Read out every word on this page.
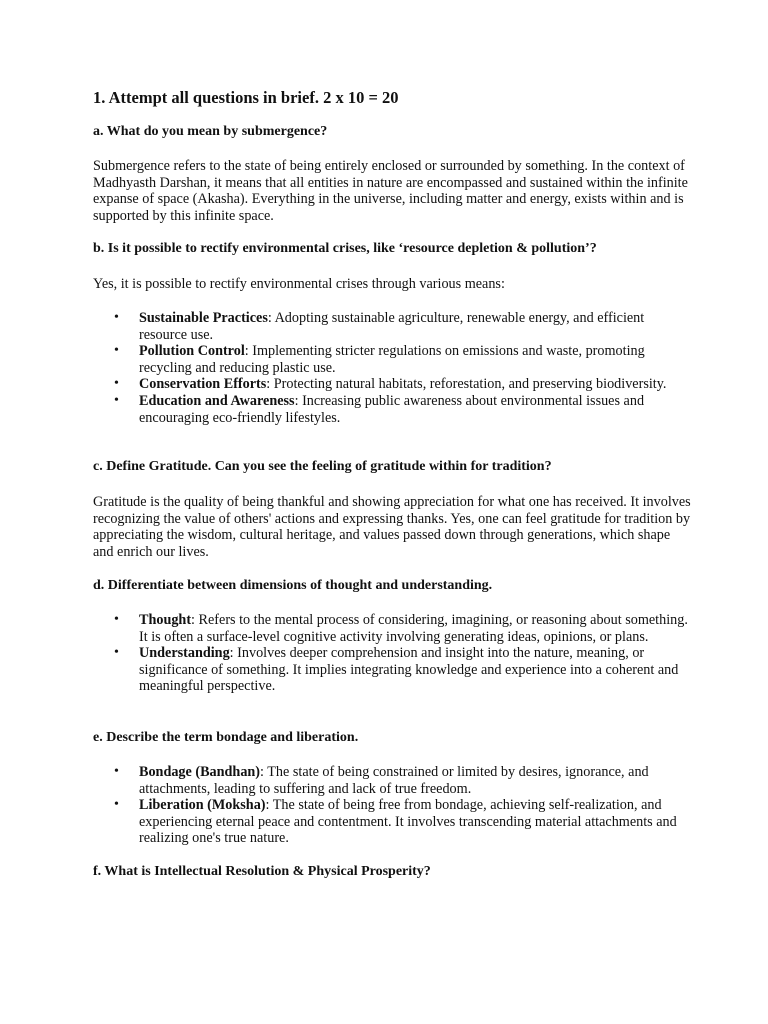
1. Attempt all questions in brief. 2 x 10 = 20
a. What do you mean by submergence?

Submergence refers to the state of being entirely enclosed or surrounded by something. In the context of Madhyasth Darshan, it means that all entities in nature are encompassed and sustained within the infinite expanse of space (Akasha). Everything in the universe, including matter and energy, exists within and is supported by this infinite space.

b. Is it possible to rectify environmental crises, like ‘resource depletion & pollution’?

Yes, it is possible to rectify environmental crises through various means:

• Sustainable Practices: Adopting sustainable agriculture, renewable energy, and efficient resource use.
• Pollution Control: Implementing stricter regulations on emissions and waste, promoting recycling and reducing plastic use.
• Conservation Efforts: Protecting natural habitats, reforestation, and preserving biodiversity.
• Education and Awareness: Increasing public awareness about environmental issues and encouraging eco-friendly lifestyles.
c. Define Gratitude. Can you see the feeling of gratitude within for tradition?

Gratitude is the quality of being thankful and showing appreciation for what one has received. It involves recognizing the value of others' actions and expressing thanks. Yes, one can feel gratitude for tradition by appreciating the wisdom, cultural heritage, and values passed down through generations, which shape and enrich our lives.

d. Differentiate between dimensions of thought and understanding.
• Thought: Refers to the mental process of considering, imagining, or reasoning about something. It is often a surface-level cognitive activity involving generating ideas, opinions, or plans.
• Understanding: Involves deeper comprehension and insight into the nature, meaning, or significance of something. It implies integrating knowledge and experience into a coherent and meaningful perspective.
e. Describe the term bondage and liberation.
• Bondage (Bandhan): The state of being constrained or limited by desires, ignorance, and attachments, leading to suffering and lack of true freedom.
• Liberation (Moksha): The state of being free from bondage, achieving self-realization, and experiencing eternal peace and contentment. It involves transcending material attachments and realizing one's true nature.
f. What is Intellectual Resolution & Physical Prosperity?
